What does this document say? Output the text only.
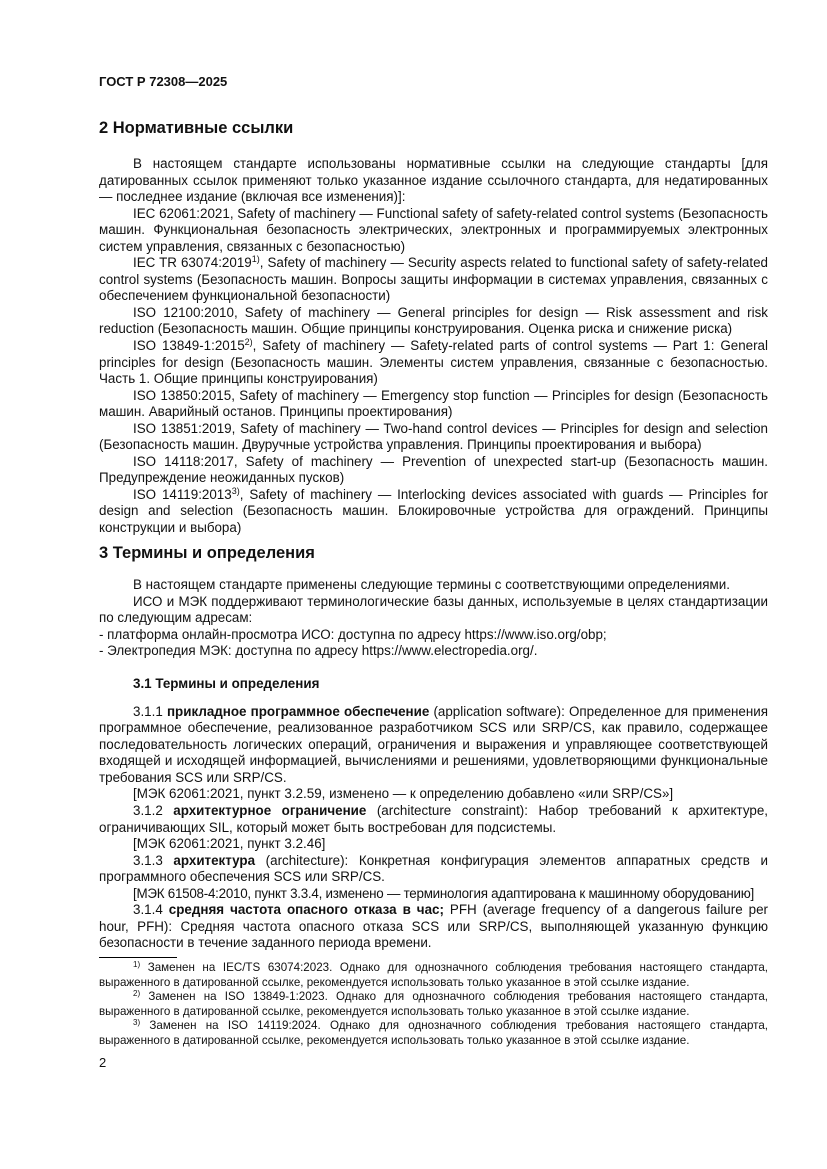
ГОСТ Р 72308—2025
2 Нормативные ссылки

В настоящем стандарте использованы нормативные ссылки на следующие стандарты [для датированных ссылок применяют только указанное издание ссылочного стандарта, для недатированных — последнее издание (включая все изменения)]:

IEC 62061:2021, Safety of machinery — Functional safety of safety-related control systems (Безопасность машин. Функциональная безопасность электрических, электронных и программируемых электронных систем управления, связанных с безопасностью)

IEC TR 63074:2019$^{1)}$, Safety of machinery — Security aspects related to functional safety of safety-related control systems (Безопасность машин. Вопросы защиты информации в системах управления, связанных с обеспечением функциональной безопасности)

ISO 12100:2010, Safety of machinery — General principles for design — Risk assessment and risk reduction (Безопасность машин. Общие принципы конструирования. Оценка риска и снижение риска)

ISO 13849-1:2015$^{2)}$, Safety of machinery — Safety-related parts of control systems — Part 1: General principles for design (Безопасность машин. Элементы систем управления, связанные с безопасностью. Часть 1. Общие принципы конструирования)

ISO 13850:2015, Safety of machinery — Emergency stop function — Principles for design (Безопасность машин. Аварийный останов. Принципы проектирования)

ISO 13851:2019, Safety of machinery — Two-hand control devices — Principles for design and selection (Безопасность машин. Двуручные устройства управления. Принципы проектирования и выбора)

ISO 14118:2017, Safety of machinery — Prevention of unexpected start-up (Безопасность машин. Предупреждение неожиданных пусков)

ISO 14119:2013$^{3)}$, Safety of machinery — Interlocking devices associated with guards — Principles for design and selection (Безопасность машин. Блокировочные устройства для ограждений. Принципы конструкции и выбора)

3 Термины и определения

В настоящем стандарте применены следующие термины с соответствующими определениями.

ИСО и МЭК поддерживают терминологические базы данных, используемые в целях стандартизации по следующим адресам:

- платформа онлайн-просмотра ИСО: доступна по адресу https://www.iso.org/obp;

- Электропедия МЭК: доступна по адресу https://www.electropedia.org/.

3.1 Термины и определения

3.1.1 прикладное программное обеспечение (application software): Определенное для применения программное обеспечение, реализованное разработчиком SCS или SRP/CS, как правило, содержащее последовательность логических операций, ограничения и выражения и управляющее соответствующей входящей и исходящей информацией, вычислениями и решениями, удовлетворяющими функциональные требования SCS или SRP/CS.

[МЭК 62061:2021, пункт 3.2.59, изменено — к определению добавлено «или SRP/CS»]

3.1.2 архитектурное ограничение (architecture constraint): Набор требований к архитектуре, ограничивающих SIL, который может быть востребован для подсистемы.

[МЭК 62061:2021, пункт 3.2.46]

3.1.3 архитектура (architecture): Конкретная конфигурация элементов аппаратных средств и программного обеспечения SCS или SRP/CS.

[МЭК 61508-4:2010, пункт 3.3.4, изменено — терминология адаптирована к машинному оборудованию]

3.1.4 средняя частота опасного отказа в час; PFH (average frequency of a dangerous failure per hour, PFH): Средняя частота опасного отказа SCS или SRP/CS, выполняющей указанную функцию безопасности в течение заданного периода времени.

$^{1)}$ Заменен на IEC/TS 63074:2023. Однако для однозначного соблюдения требования настоящего стандарта, выраженного в датированной ссылке, рекомендуется использовать только указанное в этой ссылке издание.

$^{2)}$ Заменен на ISO 13849-1:2023. Однако для однозначного соблюдения требования настоящего стандарта, выраженного в датированной ссылке, рекомендуется использовать только указанное в этой ссылке издание.

$^{3)}$ Заменен на ISO 14119:2024. Однако для однозначного соблюдения требования настоящего стандарта, выраженного в датированной ссылке, рекомендуется использовать только указанное в этой ссылке издание.

2
